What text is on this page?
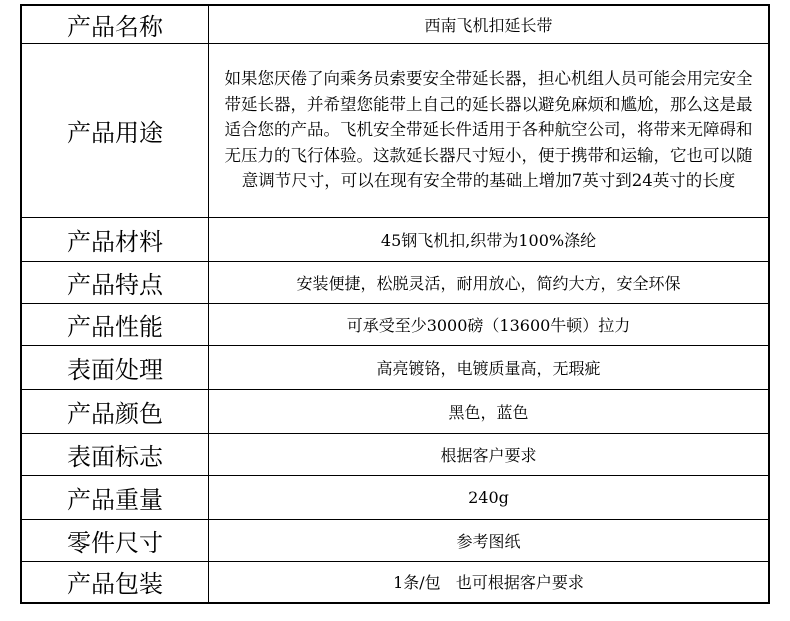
产品名称	西南飞机扣延长带
产品用途	如果您厌倦了向乘务员索要安全带延长器，担心机组人员可能会用完安全带延长器，并希望您能带上自己的延长器以避免麻烦和尴尬，那么这是最适合您的产品。飞机安全带延长件适用于各种航空公司，将带来无障碍和无压力的飞行体验。这款延长器尺寸短小，便于携带和运输，它也可以随意调节尺寸，可以在现有安全带的基础上增加7英寸到24英寸的长度
产品材料	45钢飞机扣,织带为100%涤纶
产品特点	安装便捷，松脱灵活，耐用放心，简约大方，安全环保
产品性能	可承受至少3000磅（13600牛顿）拉力
表面处理	高亮镀铬，电镀质量高，无瑕疵
产品颜色	黑色，蓝色
表面标志	根据客户要求
产品重量	240g
零件尺寸	参考图纸
产品包装	1条/包   也可根据客户要求
